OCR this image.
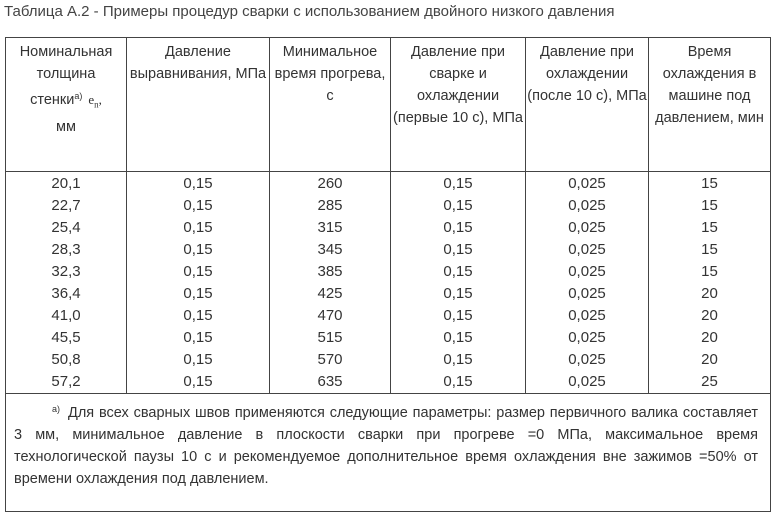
Таблица А.2 - Примеры процедур сварки с использованием двойного низкого давления
Номинальная
толщина
стенки$^{а)}$ $e_n$,
мм	Давление выравнивания, МПа	Минимальное время прогрева, с	Давление при сварке и охлаждении (первые 10 с), МПа	Давление при охлаждении (после 10 с), МПа	Время охлаждения в машине под давлением, мин
20,1	0,15	260	0,15	0,025	15
22,7	0,15	285	0,15	0,025	15
25,4	0,15	315	0,15	0,025	15
28,3	0,15	345	0,15	0,025	15
32,3	0,15	385	0,15	0,025	15
36,4	0,15	425	0,15	0,025	20
41,0	0,15	470	0,15	0,025	20
45,5	0,15	515	0,15	0,025	20
50,8	0,15	570	0,15	0,025	20
57,2	0,15	635	0,15	0,025	25
$^{а)}$ Для всех сварных швов применяются следующие параметры: размер первичного валика составляет 3 мм, минимальное давление в плоскости сварки при прогреве =0 МПа, максимальное время технологической паузы 10 с и рекомендуемое дополнительное время охлаждения вне зажимов =50% от времени охлаждения под давлением.					
